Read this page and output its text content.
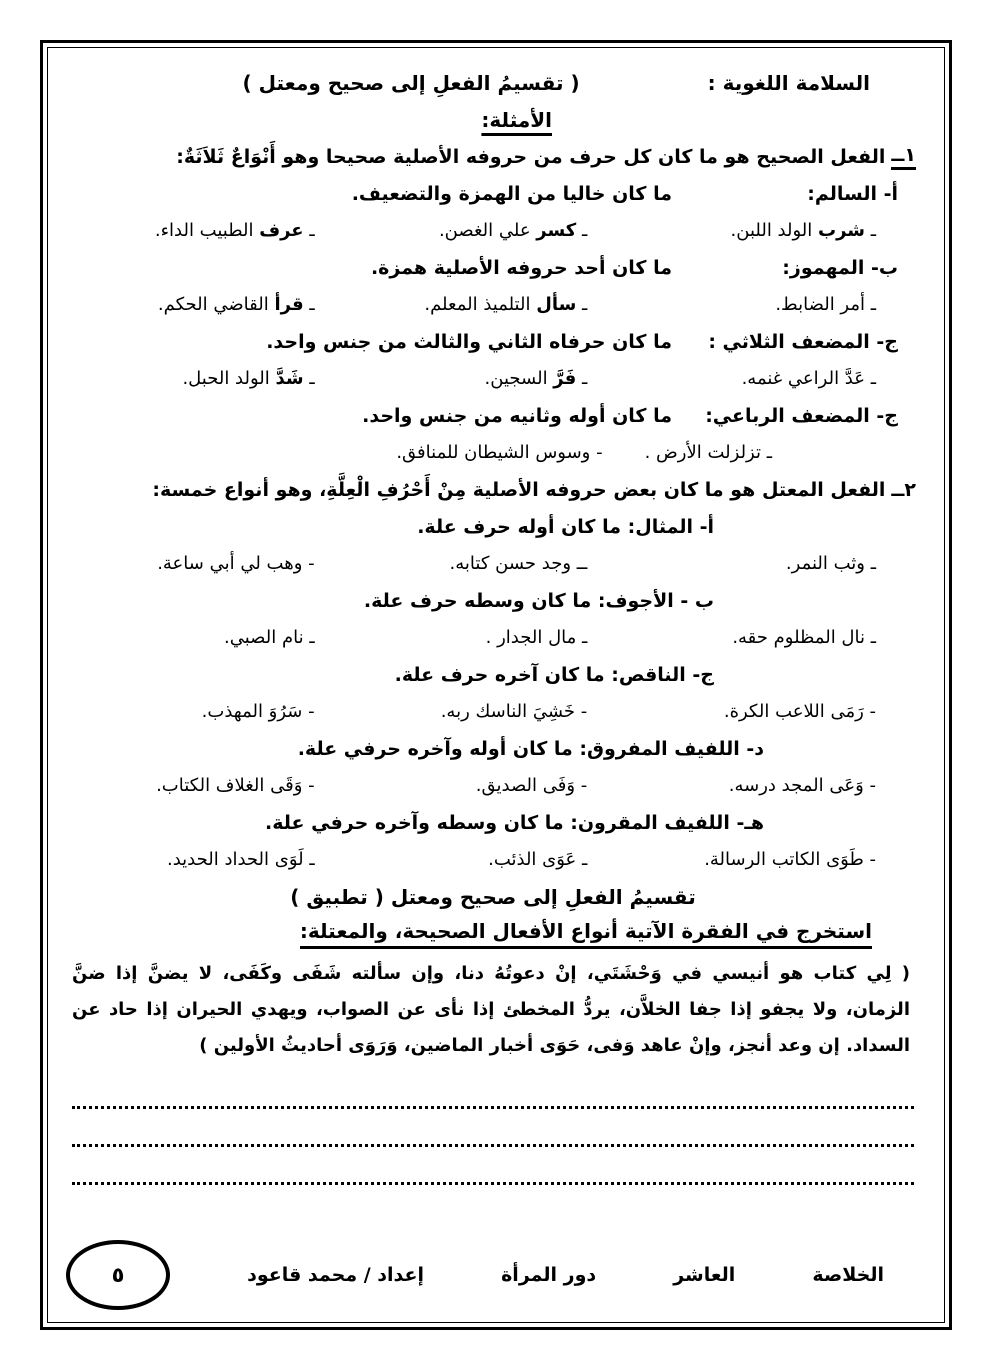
السلامة اللغوية :
( تقسيمُ الفعلِ إلى صحيح ومعتل )
الأمثلة:
١ــ
الفعل الصحيح هو ما كان كل حرف من حروفه الأصلية صحيحا وهو أَنْوَاعٌ ثَلاَثَةٌ:
أ- السالم:
ما كان خاليا من الهمزة والتضعيف.
ـ شرب الولد اللبن.
ـ كسر علي الغصن.
ـ عرف الطبيب الداء.
ب- المهموز:
ما كان أحد حروفه الأصلية همزة.
ـ أمر الضابط.
ـ سأل التلميذ المعلم.
ـ قرأ القاضي الحكم.
ج- المضعف الثلاثي :
ما كان حرفاه الثاني والثالث من جنس واحد.
ـ عَدَّ الراعي غنمه.
ـ فَرَّ السجين.
ـ شَدَّ الولد الحبل.
ج- المضعف الرباعي:
ما كان أوله وثانيه من جنس واحد.
ـ تزلزلت الأرض .
- وسوس الشيطان للمنافق.
٢ــ
الفعل المعتل هو ما كان بعض حروفه الأصلية مِنْ أَحْرُفِ الْعِلَّةِ، وهو أنواع خمسة:
أ- المثال: ما كان أوله حرف علة.
ـ وثب النمر.
ــ وجد حسن كتابه.
- وهب لي أبي ساعة.
ب - الأجوف: ما كان وسطه حرف علة.
ـ نال المظلوم حقه.
ـ مال الجدار .
ـ نام الصبي.
ج- الناقص: ما كان آخره حرف علة.
- رَمَى اللاعب الكرة.
- خَشِيَ الناسك ربه.
- سَرُوَ المهذب.
د- اللفيف المفروق: ما كان أوله وآخره حرفي علة.
- وَعَى المجد درسه.
- وَفَى الصديق.
- وَقَى الغلاف الكتاب.
هـ- اللفيف المقرون: ما كان وسطه وآخره حرفي علة.
- طَوَى الكاتب الرسالة.
ـ عَوَى الذئب.
ـ لَوَى الحداد الحديد.
تقسيمُ الفعلِ إلى صحيح ومعتل ( تطبيق )
استخرج في الفقرة الآتية أنواع الأفعال الصحيحة، والمعتلة:
( لِي كتاب هو أنيسي في وَحْشَتَي، إنْ دعوتُهُ دنا، وإن سألته شَفَى وكَفَى، لا يضنَّ إذا ضنَّ الزمان، ولا يجفو إذا جفا الخلاَّن، يردُّ المخطئ إذا نأى عن الصواب، ويهدي الحيران إذا حاد عن السداد. إن وعد أنجز، وإنْ عاهد وَفى، حَوَى أخبار الماضين، وَرَوَى أحاديثُ الأولين )
الخلاصة
العاشر
دور المرأة
إعداد / محمد قاعود
٥
